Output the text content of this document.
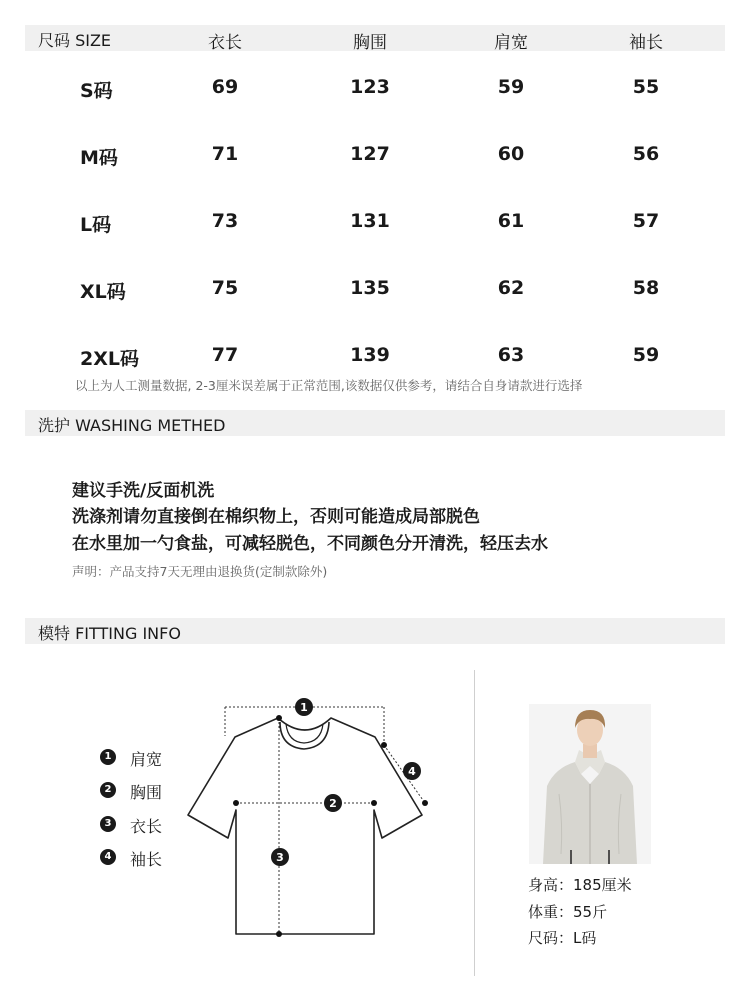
尺码 SIZE	衣长	胸围	肩宽	袖长
S码	69	123	59	55
M码	71	127	60	56
L码	73	131	61	57
XL码	75	135	62	58
2XL码	77	139	63	59
以上为人工测量数据, 2-3厘米误差属于正常范围,该数据仅供参考，请结合自身请款进行选择
洗护 WASHING METHED
建议手洗/反面机洗
洗涤剂请勿直接倒在棉织物上，否则可能造成局部脱色
在水里加一勺食盐，可减轻脱色，不同颜色分开清洗，轻压去水
声明：产品支持7天无理由退换货(定制款除外)
模特 FITTING INFO
1 肩宽
2 胸围
3 衣长
4 袖长
1
2
3
4
身高：185厘米
体重：55斤
尺码：L码
